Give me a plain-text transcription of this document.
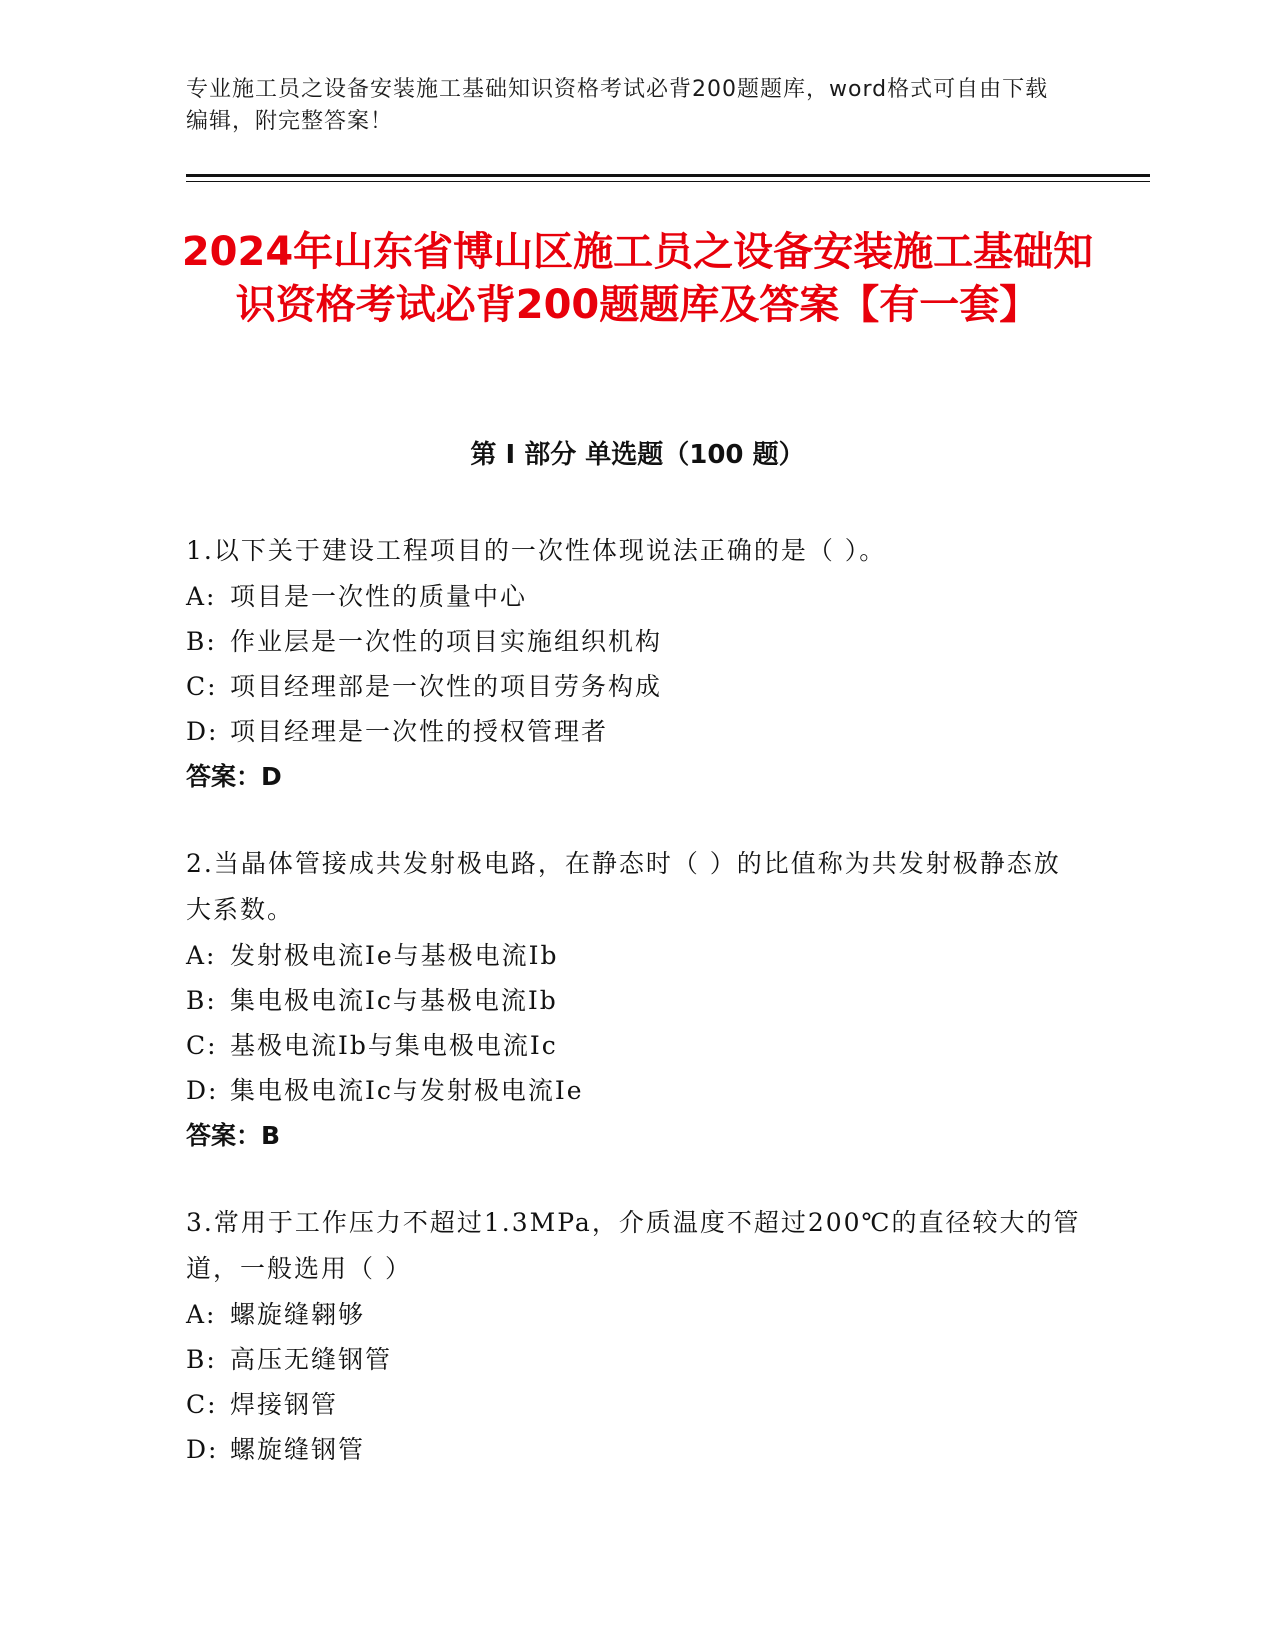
专业施工员之设备安装施工基础知识资格考试必背200题题库，word格式可自由下载编辑，附完整答案！
2024年山东省博山区施工员之设备安装施工基础知识资格考试必背200题题库及答案【有一套】
第 I 部分 单选题（100 题）
1.以下关于建设工程项目的一次性体现说法正确的是（ ）。
A: 项目是一次性的质量中心
B: 作业层是一次性的项目实施组织机构
C: 项目经理部是一次性的项目劳务构成
D: 项目经理是一次性的授权管理者
答案：D
2.当晶体管接成共发射极电路，在静态时（ ）的比值称为共发射极静态放大系数。
A: 发射极电流Ie与基极电流Ib
B: 集电极电流Ic与基极电流Ib
C: 基极电流Ib与集电极电流Ic
D: 集电极电流Ic与发射极电流Ie
答案：B
3.常用于工作压力不超过1.3MPa，介质温度不超过200℃的直径较大的管道，一般选用（ ）
A: 螺旋缝翱够
B: 高压无缝钢管
C: 焊接钢管
D: 螺旋缝钢管
